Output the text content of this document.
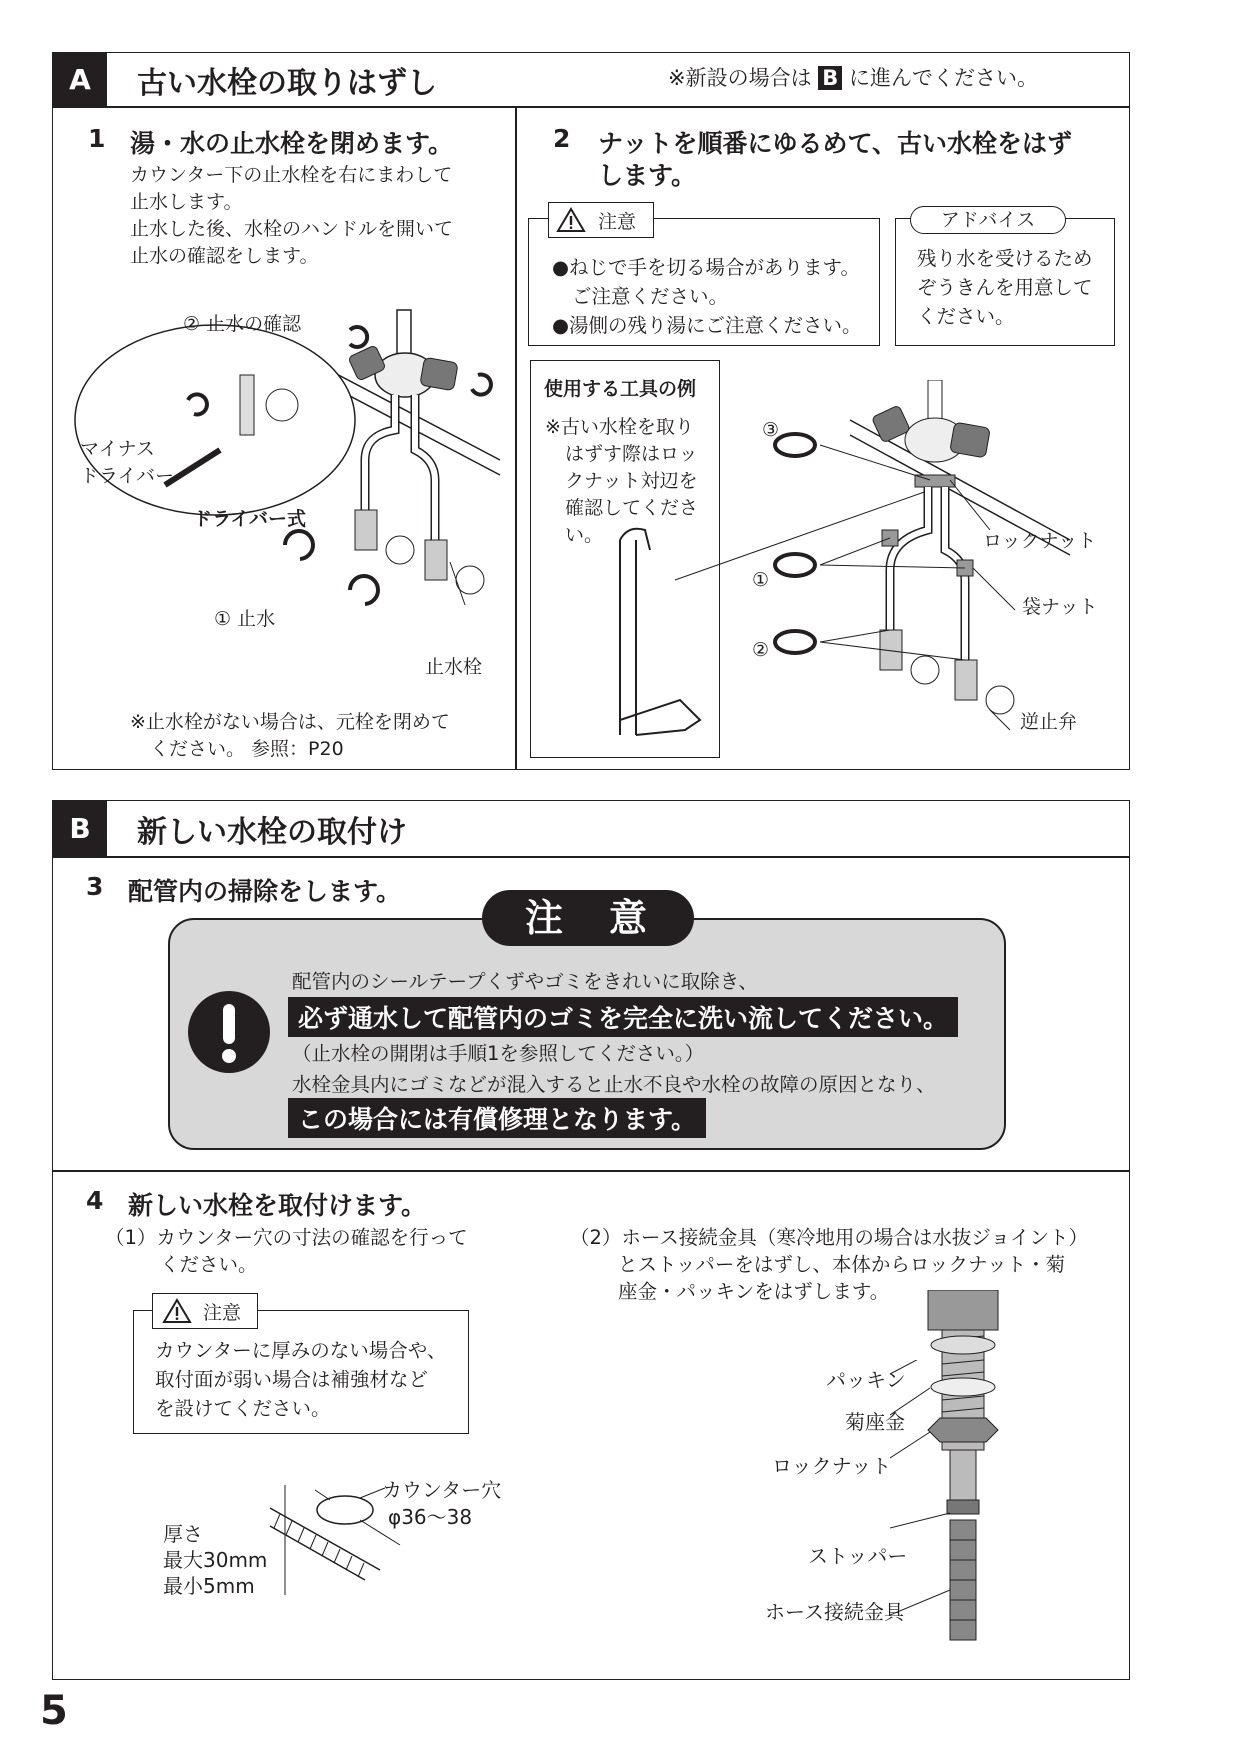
A	古い水栓の取りはずし	※新設の場合は B に進んでください。
1 湯・水の止水栓を閉めます。
カウンター下の止水栓を右にまわして
止水します。
止水した後、水栓のハンドルを開いて
止水の確認をします。
② 止水の確認
マイナス
ドライバー
ドライバー式
① 止水
止水栓
※止水栓がない場合は、元栓を閉めて
ください。 参照：P20
2 ナットを順番にゆるめて、古い水栓をはず
します。
注意
●ねじで手を切る場合があります。
ご注意ください。
●湯側の残り湯にご注意ください。
アドバイス
残り水を受けるため
ぞうきんを用意して
ください。
使用する工具の例
※古い水栓を取り
はずす際はロッ
クナット対辺を
確認してくださ
い。
③
ロックナット
①
袋ナット
②
逆止弁
B	新しい水栓の取付け
3 配管内の掃除をします。
注　意
配管内のシールテープくずやゴミをきれいに取除き、
必ず通水して配管内のゴミを完全に洗い流してください。
（止水栓の開閉は手順1を参照してください。）
水栓金具内にゴミなどが混入すると止水不良や水栓の故障の原因となり、
この場合には有償修理となります。
4 新しい水栓を取付けます。
（1）カウンター穴の寸法の確認を行って
ください。
注意
カウンターに厚みのない場合や、
取付面が弱い場合は補強材など
を設けてください。
カウンター穴
φ36～38
厚さ
最大30mm
最小5mm
（2）ホース接続金具（寒冷地用の場合は水抜ジョイント）
とストッパーをはずし、本体からロックナット・菊
座金・パッキンをはずします。
パッキン
菊座金
ロックナット
ストッパー
ホース接続金具
5
